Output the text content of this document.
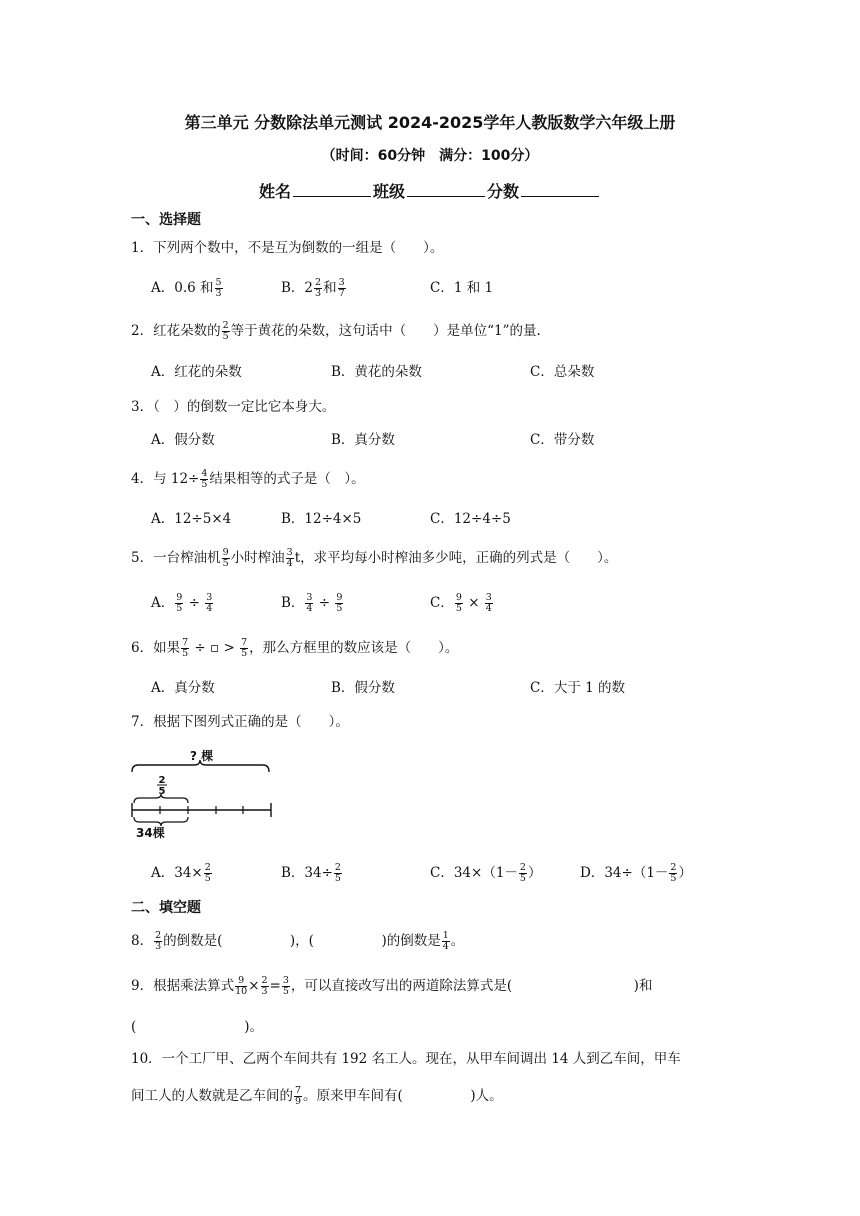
第三单元 分数除法单元测试 2024-2025学年人教版数学六年级上册
（时间：60分钟　满分：100分）
姓名	班级	分数
一、选择题
1．下列两个数中，不是互为倒数的一组是（　　）。
A．0.6 和 $\frac{5}{3}$	B．$2 \frac{2}{3}$ 和 $\frac{3}{7}$	C．1 和 1
2．红花朵数的 $\frac{2}{5}$ 等于黄花的朵数，这句话中（　　）是单位“1”的量.
A．红花的朵数	B．黄花的朵数	C．总朵数
3．（　）的倒数一定比它本身大。
A．假分数	B．真分数	C．带分数
4．与 $12\div \frac{4}{5}$ 结果相等的式子是（　）。
A．12÷5×4	B．12÷4×5	C．12÷4÷5
5．一台榨油机 $\frac{9}{5}$ 小时榨油 $\frac{3}{4}$ t，求平均每小时榨油多少吨，正确的列式是（　　）。
A． $\frac{9}{5} \div \frac{3}{4}$	B． $\frac{3}{4} \div \frac{9}{5}$	C． $\frac{9}{5} \times \frac{3}{4}$
6．如果 $\frac{7}{5}$ ÷ ▫ > $\frac{7}{5}$ ，那么方框里的数应该是（　　）。
A．真分数	B．假分数	C．大于 1 的数
7．根据下图列式正确的是（　　）。
? 棵
2
5
34棵
A．$34\times \frac{2}{5}$	B．$34\div \frac{2}{5}$	C．$34\times(1- \frac{2}{5}$ ）	D．$34\div(1- \frac{2}{5}$ ）
二、填空题
8． $\frac{2}{3}$ 的倒数是(　　　　　)，(　　　　　)的倒数是 $\frac{1}{4}$ 。
9．根据乘法算式 $\frac{9}{10} \times \frac{2}{3} = \frac{3}{5}$ ，可以直接改写出的两道除法算式是(　　　　　　　　　)和
(　　　　　　　　)。
10．一个工厂甲、乙两个车间共有 192 名工人。现在，从甲车间调出 14 人到乙车间，甲车
间工人的人数就是乙车间的 $\frac{7}{9}$ 。原来甲车间有(　　　　　)人。
